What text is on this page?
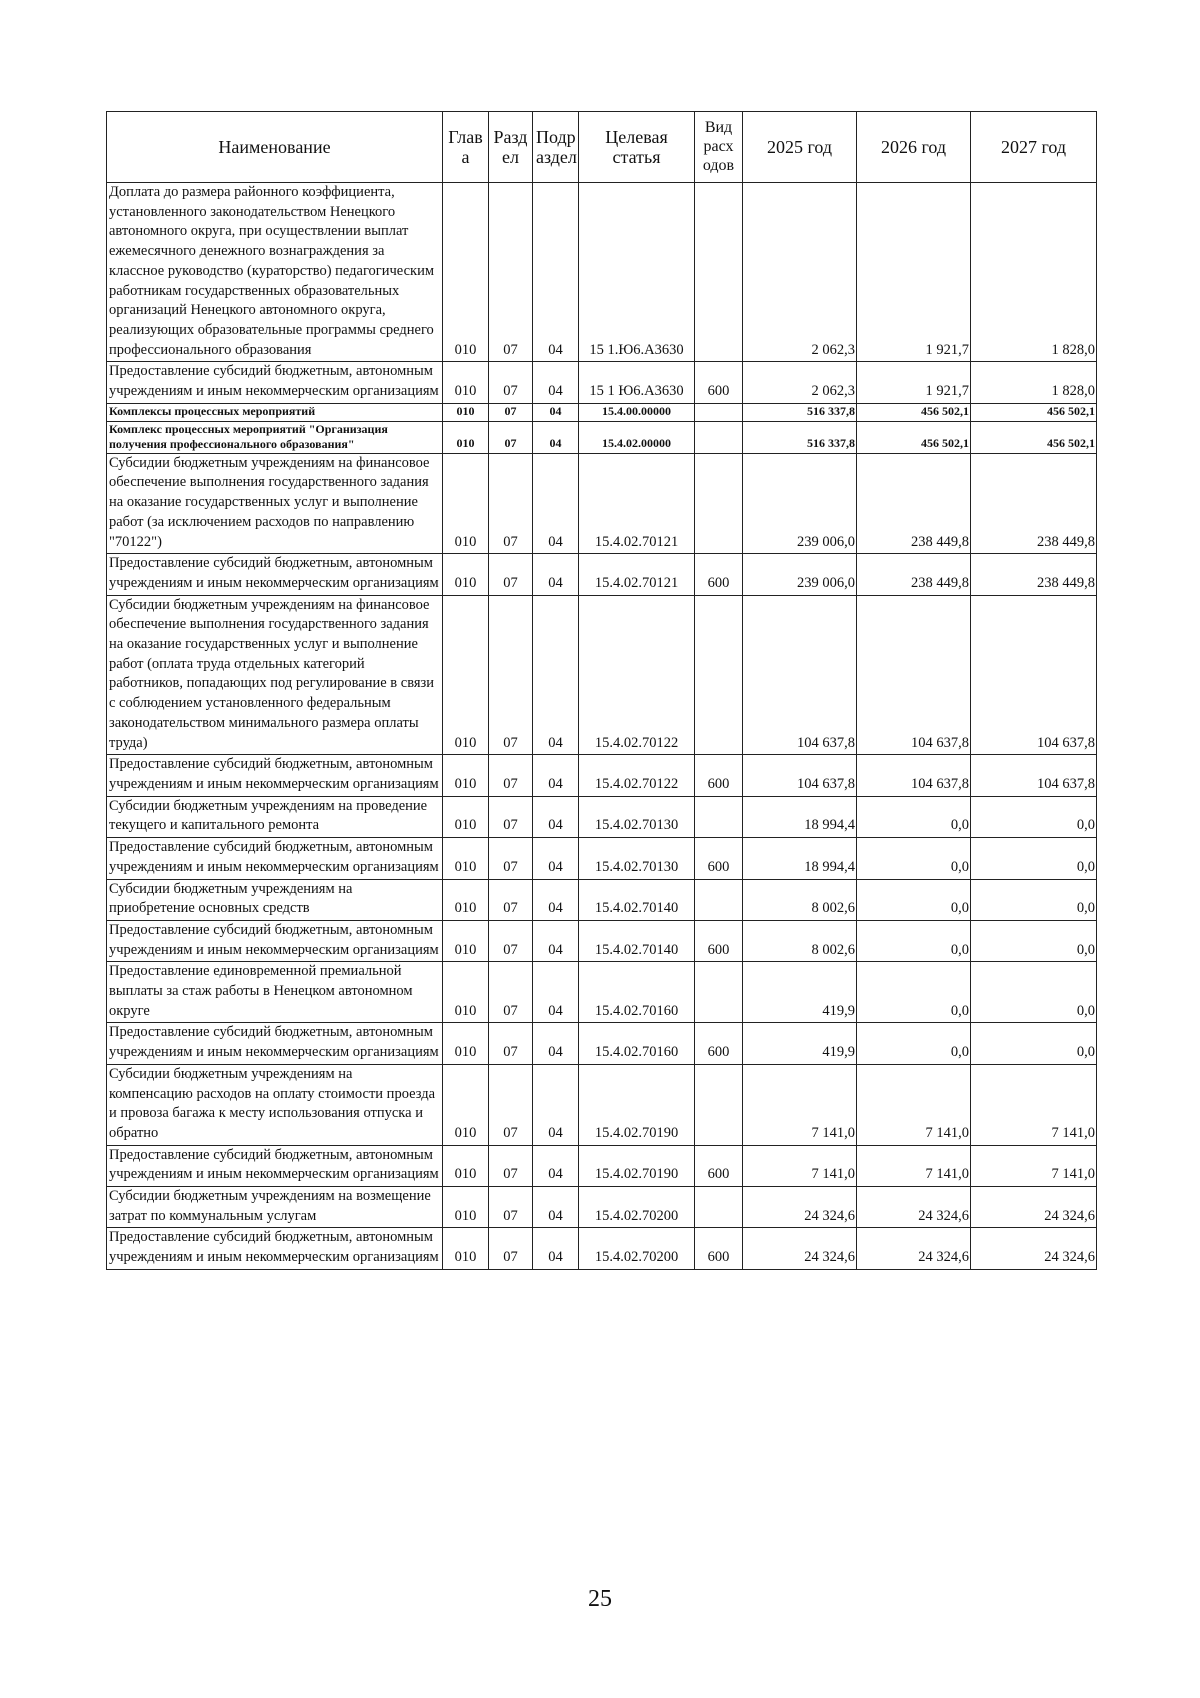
Наименование	Глав а	Разд ел	Подр аздел	Целевая статья	Вид расх одов	2025 год	2026 год	2027 год
Доплата до размера районного коэффициента, установленного законодательством Ненецкого автономного округа, при осуществлении выплат ежемесячного денежного вознаграждения за классное руководство (кураторство) педагогическим работникам государственных образовательных организаций Ненецкого автономного округа, реализующих образовательные программы среднего профессионального образования	010	07	04	15 1.Ю6.А3630		2 062,3	1 921,7	1 828,0
Предоставление субсидий бюджетным, автономным учреждениям и иным некоммерческим организациям	010	07	04	15 1 Ю6.А3630	600	2 062,3	1 921,7	1 828,0
Комплексы процессных мероприятий	010	07	04	15.4.00.00000		516 337,8	456 502,1	456 502,1
Комплекс процессных мероприятий "Организация получения профессионального образования"	010	07	04	15.4.02.00000		516 337,8	456 502,1	456 502,1
Субсидии бюджетным учреждениям на финансовое обеспечение выполнения государственного задания на оказание государственных услуг и выполнение работ (за исключением расходов по направлению "70122")	010	07	04	15.4.02.70121		239 006,0	238 449,8	238 449,8
Предоставление субсидий бюджетным, автономным учреждениям и иным некоммерческим организациям	010	07	04	15.4.02.70121	600	239 006,0	238 449,8	238 449,8
Субсидии бюджетным учреждениям на финансовое обеспечение выполнения государственного задания на оказание государственных услуг и выполнение работ (оплата труда отдельных категорий работников, попадающих под регулирование в связи с соблюдением установленного федеральным законодательством минимального размера оплаты труда)	010	07	04	15.4.02.70122		104 637,8	104 637,8	104 637,8
Предоставление субсидий бюджетным, автономным учреждениям и иным некоммерческим организациям	010	07	04	15.4.02.70122	600	104 637,8	104 637,8	104 637,8
Субсидии бюджетным учреждениям на проведение текущего и капитального ремонта	010	07	04	15.4.02.70130		18 994,4	0,0	0,0
Предоставление субсидий бюджетным, автономным учреждениям и иным некоммерческим организациям	010	07	04	15.4.02.70130	600	18 994,4	0,0	0,0
Субсидии бюджетным учреждениям на приобретение основных средств	010	07	04	15.4.02.70140		8 002,6	0,0	0,0
Предоставление субсидий бюджетным, автономным учреждениям и иным некоммерческим организациям	010	07	04	15.4.02.70140	600	8 002,6	0,0	0,0
Предоставление единовременной премиальной выплаты за стаж работы в Ненецком автономном округе	010	07	04	15.4.02.70160		419,9	0,0	0,0
Предоставление субсидий бюджетным, автономным учреждениям и иным некоммерческим организациям	010	07	04	15.4.02.70160	600	419,9	0,0	0,0
Субсидии бюджетным учреждениям на компенсацию расходов на оплату стоимости проезда и провоза багажа к месту использования отпуска и обратно	010	07	04	15.4.02.70190		7 141,0	7 141,0	7 141,0
Предоставление субсидий бюджетным, автономным учреждениям и иным некоммерческим организациям	010	07	04	15.4.02.70190	600	7 141,0	7 141,0	7 141,0
Субсидии бюджетным учреждениям на возмещение затрат по коммунальным услугам	010	07	04	15.4.02.70200		24 324,6	24 324,6	24 324,6
Предоставление субсидий бюджетным, автономным учреждениям и иным некоммерческим организациям	010	07	04	15.4.02.70200	600	24 324,6	24 324,6	24 324,6
25
